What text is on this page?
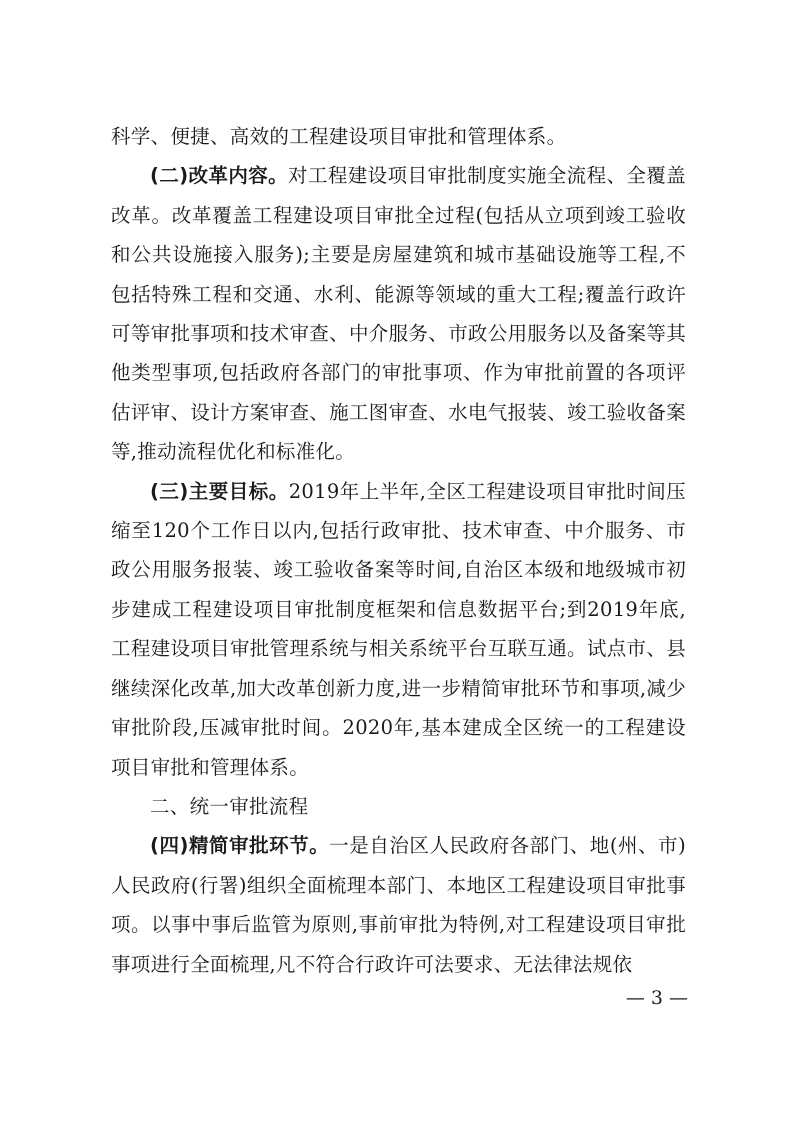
科学、便捷、高效的工程建设项目审批和管理体系。

(二)改革内容。对工程建设项目审批制度实施全流程、全覆盖改革。改革覆盖工程建设项目审批全过程(包括从立项到竣工验收和公共设施接入服务);主要是房屋建筑和城市基础设施等工程,不包括特殊工程和交通、水利、能源等领域的重大工程;覆盖行政许可等审批事项和技术审查、中介服务、市政公用服务以及备案等其他类型事项,包括政府各部门的审批事项、作为审批前置的各项评估评审、设计方案审查、施工图审查、水电气报装、竣工验收备案等,推动流程优化和标准化。

(三)主要目标。2019年上半年,全区工程建设项目审批时间压缩至120个工作日以内,包括行政审批、技术审查、中介服务、市政公用服务报装、竣工验收备案等时间,自治区本级和地级城市初步建成工程建设项目审批制度框架和信息数据平台;到2019年底,工程建设项目审批管理系统与相关系统平台互联互通。试点市、县继续深化改革,加大改革创新力度,进一步精简审批环节和事项,减少审批阶段,压减审批时间。2020年,基本建成全区统一的工程建设项目审批和管理体系。

二、统一审批流程

(四)精简审批环节。一是自治区人民政府各部门、地(州、市)人民政府(行署)组织全面梳理本部门、本地区工程建设项目审批事项。以事中事后监管为原则,事前审批为特例,对工程建设项目审批事项进行全面梳理,凡不符合行政许可法要求、无法律法规依

— 3 —
